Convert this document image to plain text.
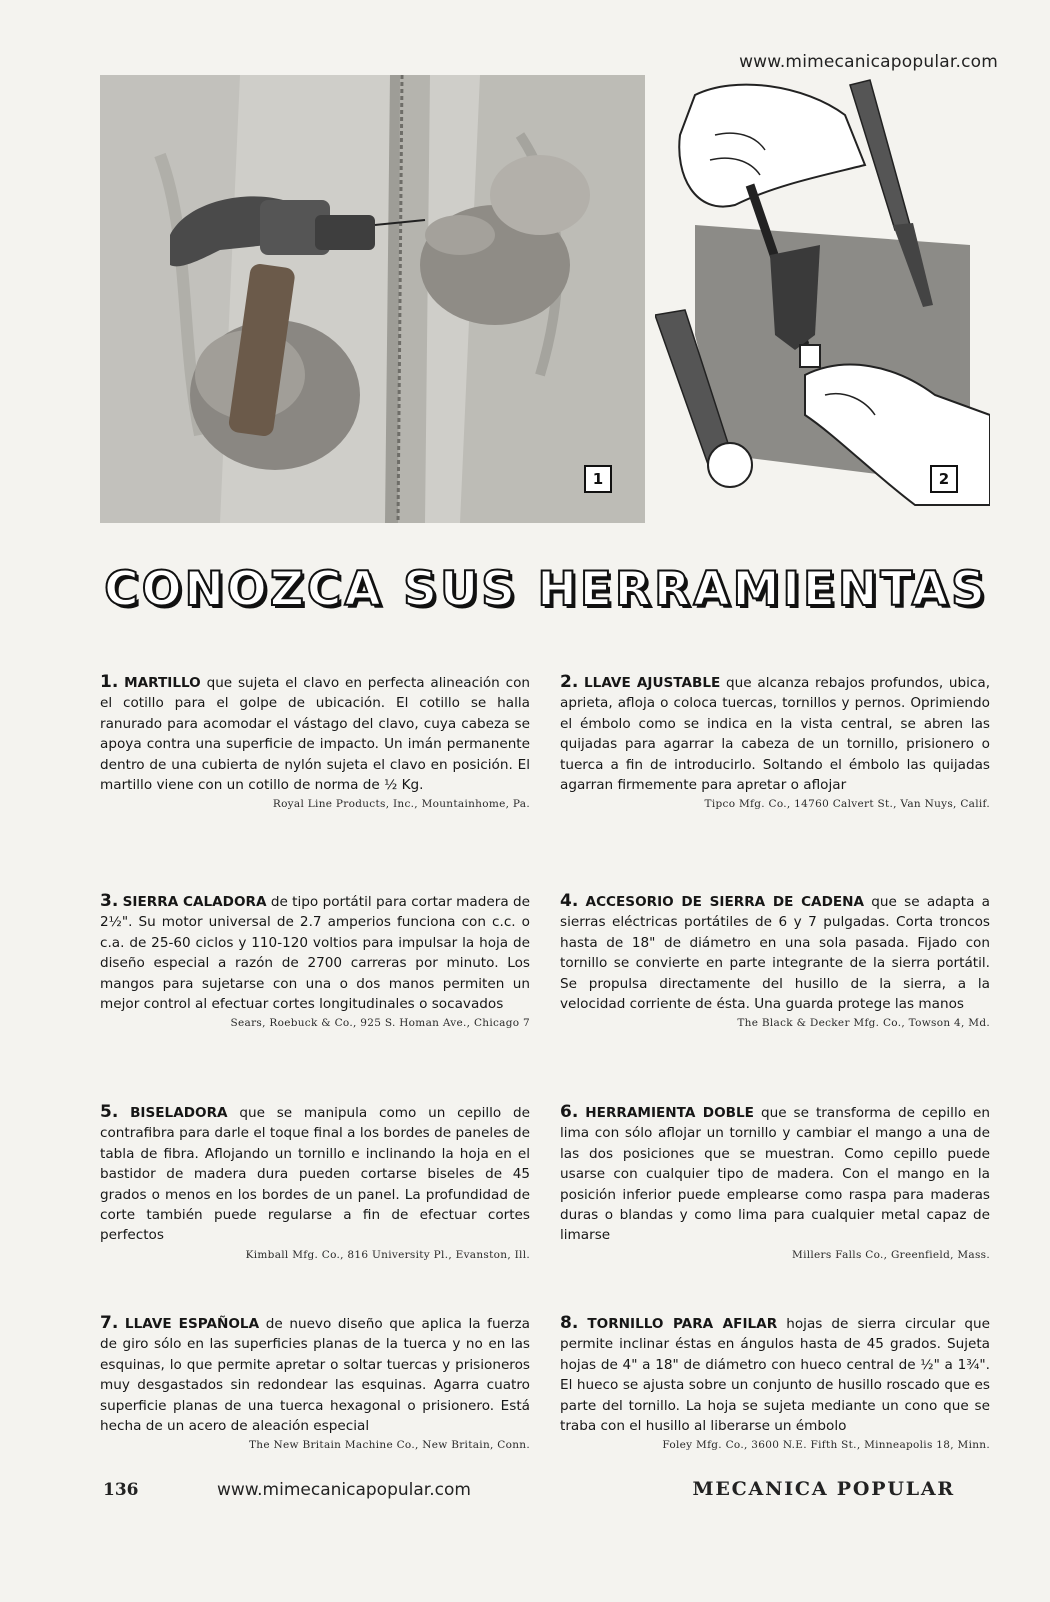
www.mimecanicapopular.com
1	2
CONOZCA SUS HERRAMIENTAS
1. MARTILLO que sujeta el clavo en perfecta alineación con el cotillo para el golpe de ubicación. El cotillo se halla ranurado para acomodar el vástago del clavo, cuya cabeza se apoya contra una superficie de impacto. Un imán permanente dentro de una cubierta de nylón sujeta el clavo en posición. El martillo viene con un cotillo de norma de ½ Kg.
Royal Line Products, Inc., Mountainhome, Pa.
2. LLAVE AJUSTABLE que alcanza rebajos profundos, ubica, aprieta, afloja o coloca tuercas, tornillos y pernos. Oprimiendo el émbolo como se indica en la vista central, se abren las quijadas para agarrar la cabeza de un tornillo, prisionero o tuerca a fin de introducirlo. Soltando el émbolo las quijadas agarran firmemente para apretar o aflojar
Tipco Mfg. Co., 14760 Calvert St., Van Nuys, Calif.
3. SIERRA CALADORA de tipo portátil para cortar madera de 2½". Su motor universal de 2.7 amperios funciona con c.c. o c.a. de 25-60 ciclos y 110-120 voltios para impulsar la hoja de diseño especial a razón de 2700 carreras por minuto. Los mangos para sujetarse con una o dos manos permiten un mejor control al efectuar cortes longitudinales o socavados
Sears, Roebuck & Co., 925 S. Homan Ave., Chicago 7
4. ACCESORIO DE SIERRA DE CADENA que se adapta a sierras eléctricas portátiles de 6 y 7 pulgadas. Corta troncos hasta de 18" de diámetro en una sola pasada. Fijado con tornillo se convierte en parte integrante de la sierra portátil. Se propulsa directamente del husillo de la sierra, a la velocidad corriente de ésta. Una guarda protege las manos
The Black & Decker Mfg. Co., Towson 4, Md.
5. BISELADORA que se manipula como un cepillo de contrafibra para darle el toque final a los bordes de paneles de tabla de fibra. Aflojando un tornillo e inclinando la hoja en el bastidor de madera dura pueden cortarse biseles de 45 grados o menos en los bordes de un panel. La profundidad de corte también puede regularse a fin de efectuar cortes perfectos
Kimball Mfg. Co., 816 University Pl., Evanston, Ill.
6. HERRAMIENTA DOBLE que se transforma de cepillo en lima con sólo aflojar un tornillo y cambiar el mango a una de las dos posiciones que se muestran. Como cepillo puede usarse con cualquier tipo de madera. Con el mango en la posición inferior puede emplearse como raspa para maderas duras o blandas y como lima para cualquier metal capaz de limarse
Millers Falls Co., Greenfield, Mass.
7. LLAVE ESPAÑOLA de nuevo diseño que aplica la fuerza de giro sólo en las superficies planas de la tuerca y no en las esquinas, lo que permite apretar o soltar tuercas y prisioneros muy desgastados sin redondear las esquinas. Agarra cuatro superficie planas de una tuerca hexagonal o prisionero. Está hecha de un acero de aleación especial
The New Britain Machine Co., New Britain, Conn.
8. TORNILLO PARA AFILAR hojas de sierra circular que permite inclinar éstas en ángulos hasta de 45 grados. Sujeta hojas de 4" a 18" de diámetro con hueco central de ½" a 1¾". El hueco se ajusta sobre un conjunto de husillo roscado que es parte del tornillo. La hoja se sujeta mediante un cono que se traba con el husillo al liberarse un émbolo
Foley Mfg. Co., 3600 N.E. Fifth St., Minneapolis 18, Minn.
136	www.mimecanicapopular.com	MECANICA POPULAR
